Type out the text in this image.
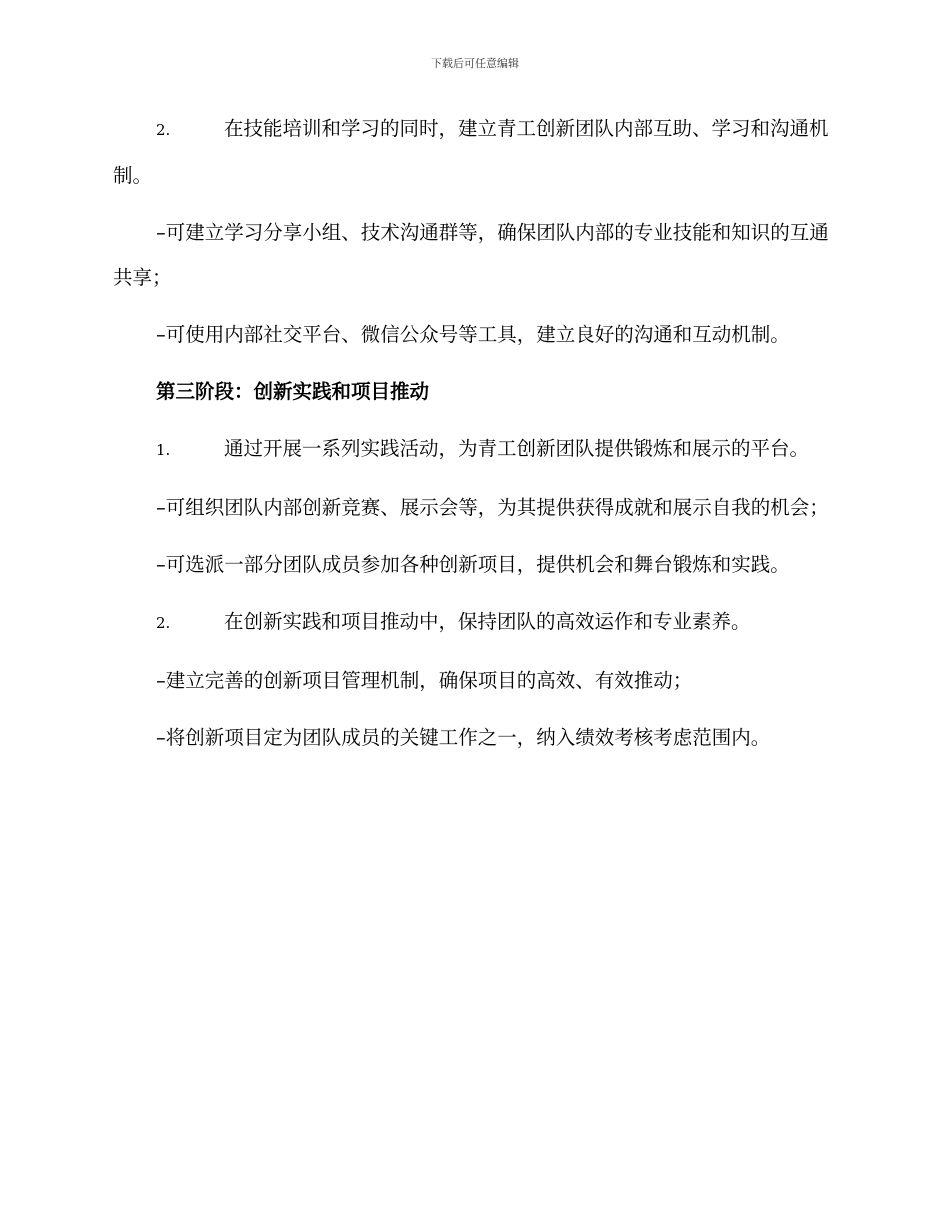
下载后可任意编辑

2.	在技能培训和学习的同时，建立青工创新团队内部互助、学习和沟通机制。

–可建立学习分享小组、技术沟通群等，确保团队内部的专业技能和知识的互通共享；

–可使用内部社交平台、微信公众号等工具，建立良好的沟通和互动机制。

第三阶段：创新实践和项目推动

1.	通过开展一系列实践活动，为青工创新团队提供锻炼和展示的平台。

–可组织团队内部创新竞赛、展示会等，为其提供获得成就和展示自我的机会；

–可选派一部分团队成员参加各种创新项目，提供机会和舞台锻炼和实践。

2.	在创新实践和项目推动中，保持团队的高效运作和专业素养。

–建立完善的创新项目管理机制，确保项目的高效、有效推动；

–将创新项目定为团队成员的关键工作之一，纳入绩效考核考虑范围内。
